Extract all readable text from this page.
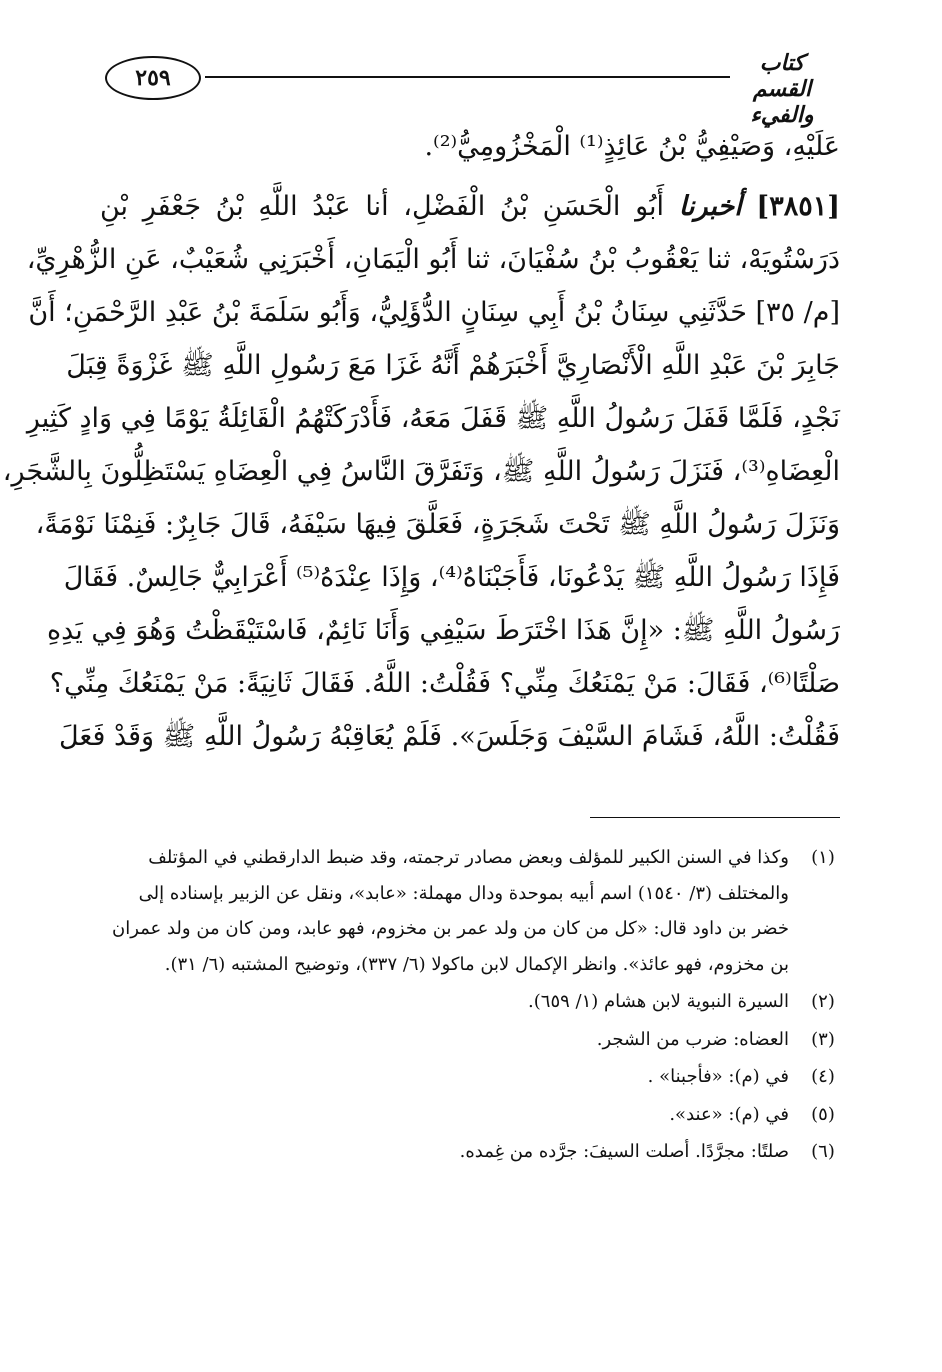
٢٥٩
كتاب القسم والفيء
عَلَيْهِ، وَصَيْفِيُّ بْنُ عَائِذٍ⁽¹⁾ الْمَخْزُومِيُّ⁽²⁾.
[٣٨٥١] أخبرنا أَبُو الْحَسَنِ بْنُ الْفَضْلِ، أنا عَبْدُ اللَّهِ بْنُ جَعْفَرِ بْنِ
دَرَسْتُويَهْ، ثنا يَعْقُوبُ بْنُ سُفْيَانَ، ثنا أَبُو الْيَمَانِ، أَخْبَرَنِي شُعَيْبٌ، عَنِ الزُّهْرِيِّ،
[م/ ٣٥] حَدَّثَنِي سِنَانُ بْنُ أَبِي سِنَانٍ الدُّؤَلِيُّ، وَأَبُو سَلَمَةَ بْنُ عَبْدِ الرَّحْمَنِ؛ أَنَّ
جَابِرَ بْنَ عَبْدِ اللَّهِ الْأَنْصَارِيَّ أَخْبَرَهُمْ أَنَّهُ غَزَا مَعَ رَسُولِ اللَّهِ ﷺ غَزْوَةً قِبَلَ
نَجْدٍ، فَلَمَّا قَفَلَ رَسُولُ اللَّهِ ﷺ قَفَلَ مَعَهُ، فَأَدْرَكَتْهُمُ الْقَائِلَةُ يَوْمًا فِي وَادٍ كَثِيرِ
الْعِضَاهِ⁽³⁾، فَنَزَلَ رَسُولُ اللَّهِ ﷺ، وَتَفَرَّقَ النَّاسُ فِي الْعِضَاهِ يَسْتَظِلُّونَ بِالشَّجَرِ،
وَنَزَلَ رَسُولُ اللَّهِ ﷺ تَحْتَ شَجَرَةٍ، فَعَلَّقَ فِيهَا سَيْفَهُ، قَالَ جَابِرٌ: فَنِمْنَا نَوْمَةً،
فَإِذَا رَسُولُ اللَّهِ ﷺ يَدْعُونَا، فَأَجَبْنَاهُ⁽⁴⁾، وَإِذَا عِنْدَهُ⁽⁵⁾ أَعْرَابِيٌّ جَالِسٌ. فَقَالَ
رَسُولُ اللَّهِ ﷺ: «إِنَّ هَذَا اخْتَرَطَ سَيْفِي وَأَنَا نَائِمٌ، فَاسْتَيْقَظْتُ وَهُوَ فِي يَدِهِ
صَلْتًا⁽⁶⁾، فَقَالَ: مَنْ يَمْنَعُكَ مِنِّي؟ فَقُلْتُ: اللَّهُ. فَقَالَ ثَانِيَةً: مَنْ يَمْنَعُكَ مِنِّي؟
فَقُلْتُ: اللَّهُ، فَشَامَ السَّيْفَ وَجَلَسَ». فَلَمْ يُعَاقِبْهُ رَسُولُ اللَّهِ ﷺ وَقَدْ فَعَلَ
(١)
وكذا في السنن الكبير للمؤلف وبعض مصادر ترجمته، وقد ضبط الدارقطني في المؤتلف والمختلف (٣/ ١٥٤٠) اسم أبيه بموحدة ودال مهملة: «عابد»، ونقل عن الزبير بإسناده إلى خضر بن داود قال: «كل من كان من ولد عمر بن مخزوم، فهو عابد، ومن كان من ولد عمران بن مخزوم، فهو عائذ». وانظر الإكمال لابن ماكولا (٦/ ٣٣٧)، وتوضيح المشتبه (٦/ ٣١).
(٢)
السيرة النبوية لابن هشام (١/ ٦٥٩).
(٣)
العضاه: ضرب من الشجر.
(٤)
في (م): «فأجبنا» .
(٥)
في (م): «عند».
(٦)
صلتًا: مجرَّدًا. أصلت السيفَ: جرَّده من غِمده.
